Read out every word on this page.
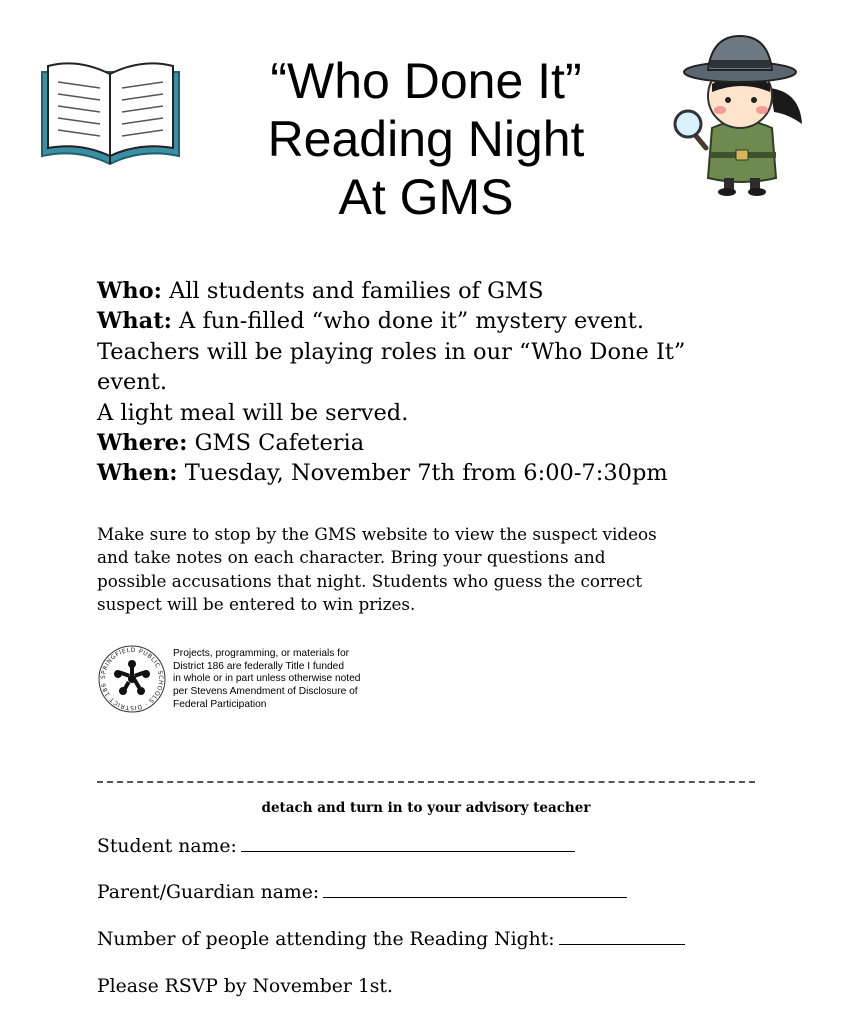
“Who Done It”
Reading Night
At GMS
Who: All students and families of GMS
What: A fun-filled “who done it” mystery event.
Teachers will be playing roles in our “Who Done It”
event.
A light meal will be served.
Where: GMS Cafeteria
When: Tuesday, November 7th from 6:00-7:30pm
Make sure to stop by the GMS website to view the suspect videos
and take notes on each character. Bring your questions and
possible accusations that night. Students who guess the correct
suspect will be entered to win prizes.
SPRINGFIELD PUBLIC SCHOOLS · DISTRICT 186
Projects, programming, or materials for
District 186 are federally Title I funded
in whole or in part unless otherwise noted
per Stevens Amendment of Disclosure of
Federal Participation
detach and turn in to your advisory teacher
Student name:
Parent/Guardian name:
Number of people attending the Reading Night:
Please RSVP by November 1st.
